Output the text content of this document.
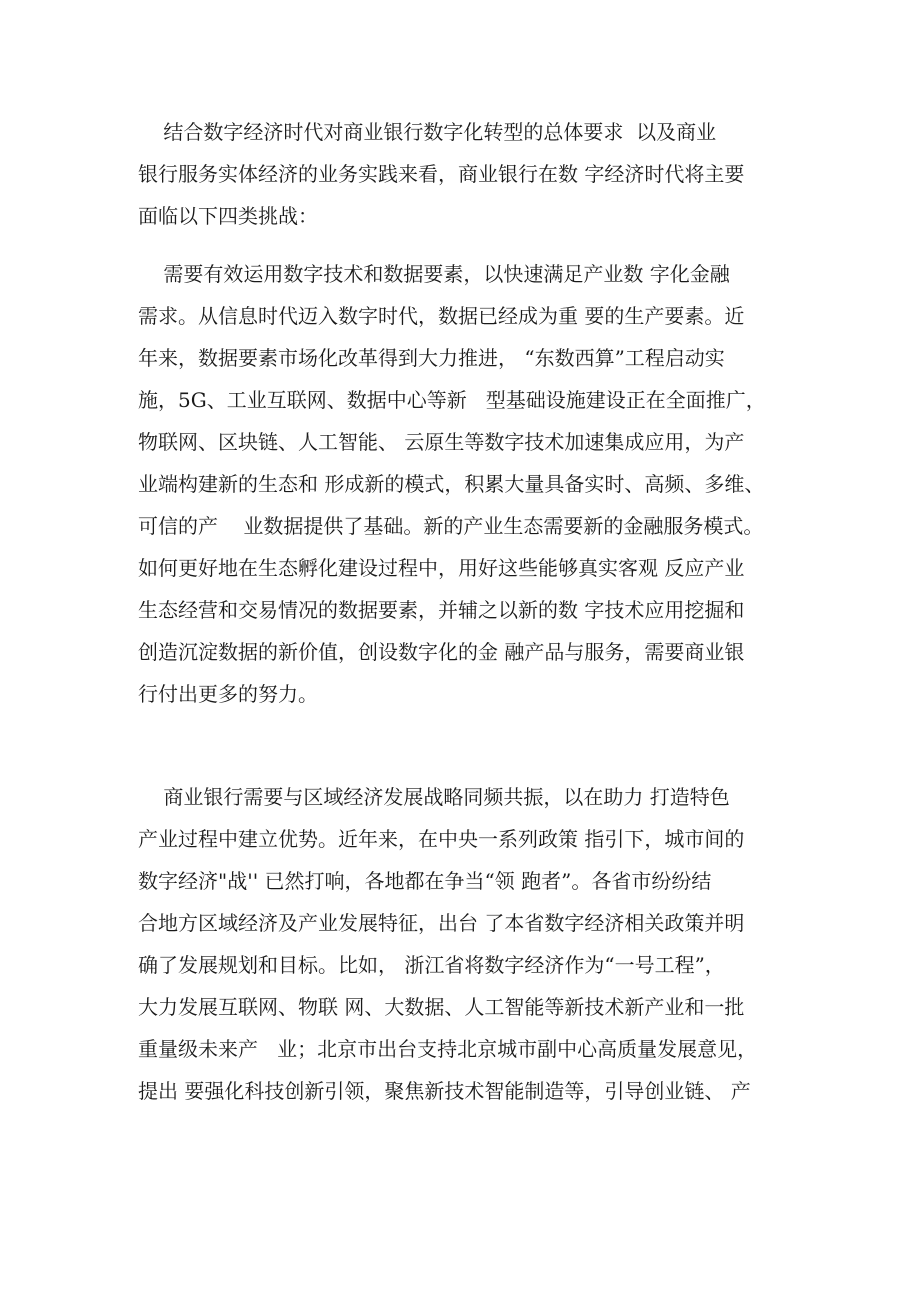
结合数字经济时代对商业银行数字化转型的总体要求  以及商业
银行服务实体经济的业务实践来看，商业银行在数 字经济时代将主要
面临以下四类挑战：
需要有效运用数字技术和数据要素，以快速满足产业数 字化金融
需求。从信息时代迈入数字时代，数据已经成为重 要的生产要素。近
年来，数据要素市场化改革得到大力推进， “东数西算”工程启动实
施，5G、工业互联网、数据中心等新   型基础设施建设正在全面推广，
物联网、区块链、人工智能、 云原生等数字技术加速集成应用，为产
业端构建新的生态和 形成新的模式，积累大量具备实时、高频、多维、
可信的产    业数据提供了基础。新的产业生态需要新的金融服务模式。
如何更好地在生态孵化建设过程中，用好这些能够真实客观 反应产业
生态经营和交易情况的数据要素，并辅之以新的数 字技术应用挖掘和
创造沉淀数据的新价值，创设数字化的金 融产品与服务，需要商业银
行付出更多的努力。
商业银行需要与区域经济发展战略同频共振，以在助力 打造特色
产业过程中建立优势。近年来，在中央一系列政策 指引下，城市间的
数字经济"战'' 已然打响，各地都在争当“领 跑者”。各省市纷纷结
合地方区域经济及产业发展特征，出台 了本省数字经济相关政策并明
确了发展规划和目标。比如， 浙江省将数字经济作为“一号工程”，
大力发展互联网、物联 网、大数据、人工智能等新技术新产业和一批
重量级未来产   业；北京市出台支持北京城市副中心高质量发展意见，
提出 要强化科技创新引领，聚焦新技术智能制造等，引导创业链、 产
